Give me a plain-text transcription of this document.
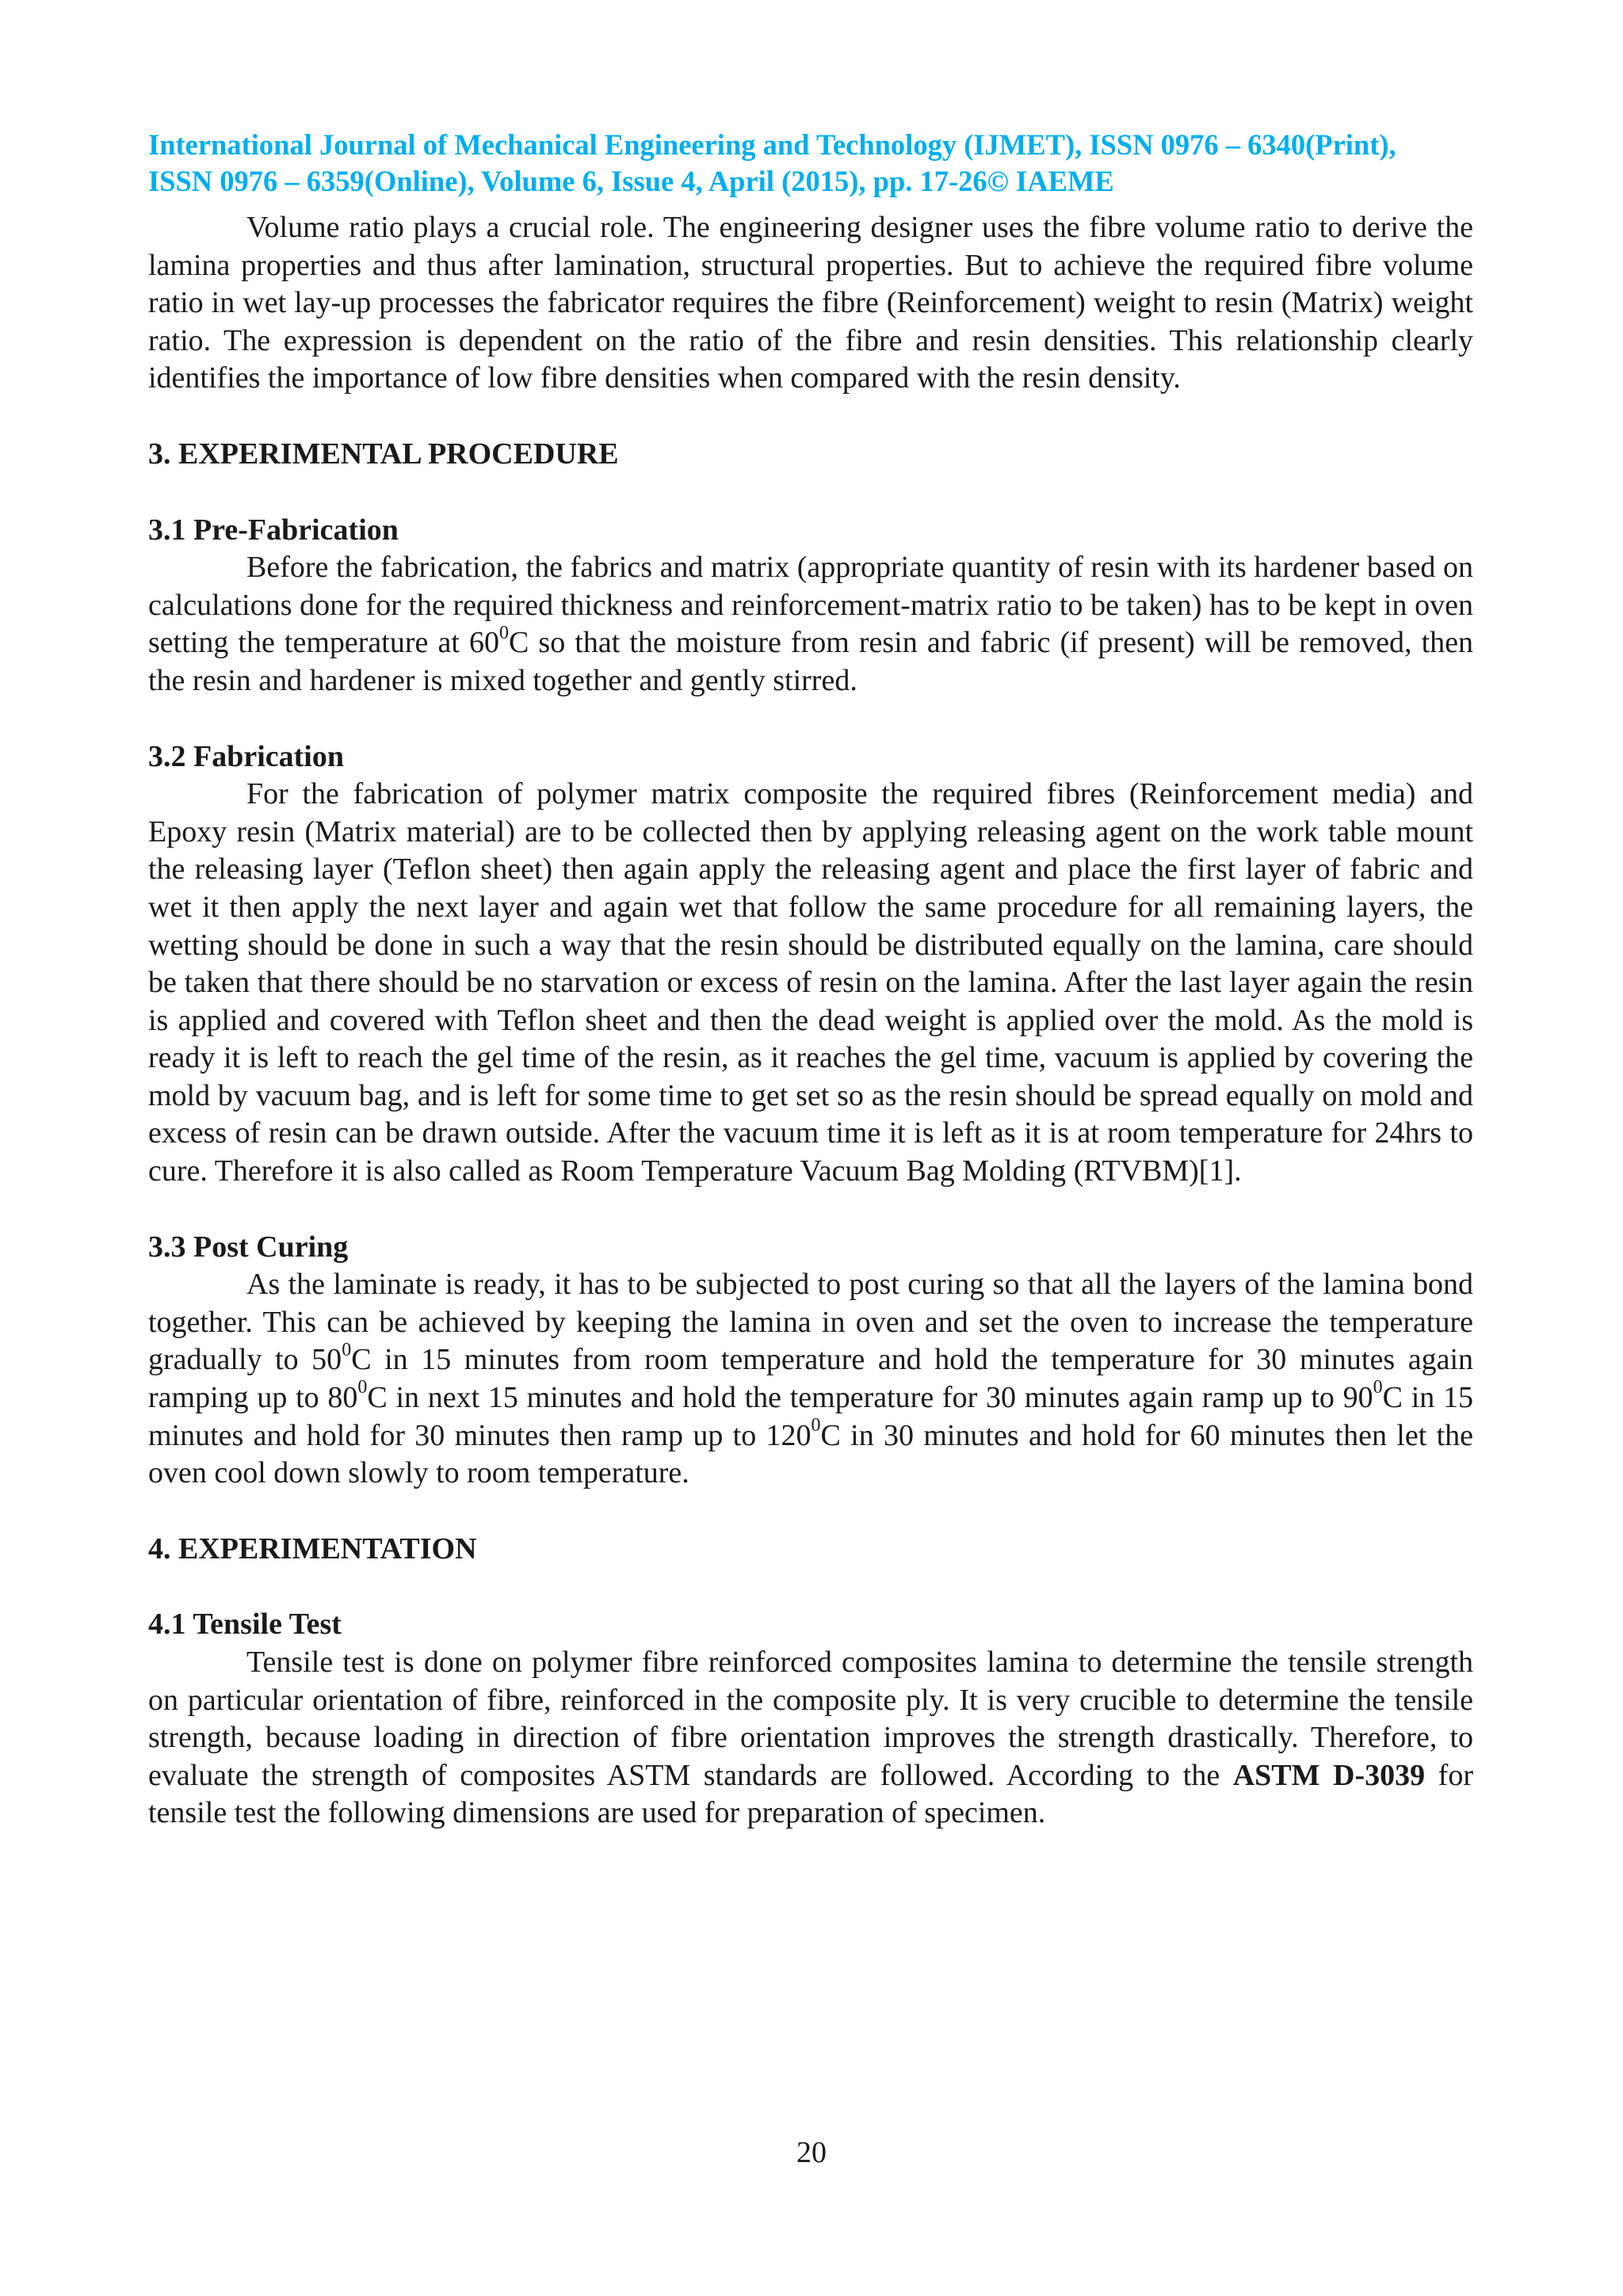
International Journal of Mechanical Engineering and Technology (IJMET), ISSN 0976 – 6340(Print),
ISSN 0976 – 6359(Online), Volume 6, Issue 4, April (2015), pp. 17-26© IAEME

Volume ratio plays a crucial role. The engineering designer uses the fibre volume ratio to derive the lamina properties and thus after lamination, structural properties. But to achieve the required fibre volume ratio in wet lay-up processes the fabricator requires the fibre (Reinforcement) weight to resin (Matrix) weight ratio. The expression is dependent on the ratio of the fibre and resin densities. This relationship clearly identifies the importance of low fibre densities when compared with the resin density.

3. EXPERIMENTAL PROCEDURE
3.1 Pre-Fabrication

Before the fabrication, the fabrics and matrix (appropriate quantity of resin with its hardener based on calculations done for the required thickness and reinforcement-matrix ratio to be taken) has to be kept in oven setting the temperature at $60^0C$ so that the moisture from resin and fabric (if present) will be removed, then the resin and hardener is mixed together and gently stirred.

3.2 Fabrication

For the fabrication of polymer matrix composite the required fibres (Reinforcement media) and Epoxy resin (Matrix material) are to be collected then by applying releasing agent on the work table mount the releasing layer (Teflon sheet) then again apply the releasing agent and place the first layer of fabric and wet it then apply the next layer and again wet that follow the same procedure for all remaining layers, the wetting should be done in such a way that the resin should be distributed equally on the lamina, care should be taken that there should be no starvation or excess of resin on the lamina. After the last layer again the resin is applied and covered with Teflon sheet and then the dead weight is applied over the mold. As the mold is ready it is left to reach the gel time of the resin, as it reaches the gel time, vacuum is applied by covering the mold by vacuum bag, and is left for some time to get set so as the resin should be spread equally on mold and excess of resin can be drawn outside. After the vacuum time it is left as it is at room temperature for 24hrs to cure. Therefore it is also called as Room Temperature Vacuum Bag Molding (RTVBM)[1].

3.3 Post Curing

As the laminate is ready, it has to be subjected to post curing so that all the layers of the lamina bond together. This can be achieved by keeping the lamina in oven and set the oven to increase the temperature gradually to $50^0C$ in 15 minutes from room temperature and hold the temperature for 30 minutes again ramping up to $80^0C$ in next 15 minutes and hold the temperature for 30 minutes again ramp up to $90^0C$ in 15 minutes and hold for 30 minutes then ramp up to $120^0C$ in 30 minutes and hold for 60 minutes then let the oven cool down slowly to room temperature.

4. EXPERIMENTATION
4.1 Tensile Test

Tensile test is done on polymer fibre reinforced composites lamina to determine the tensile strength on particular orientation of fibre, reinforced in the composite ply. It is very crucible to determine the tensile strength, because loading in direction of fibre orientation improves the strength drastically. Therefore, to evaluate the strength of composites ASTM standards are followed. According to the ASTM D-3039 for tensile test the following dimensions are used for preparation of specimen.

20
